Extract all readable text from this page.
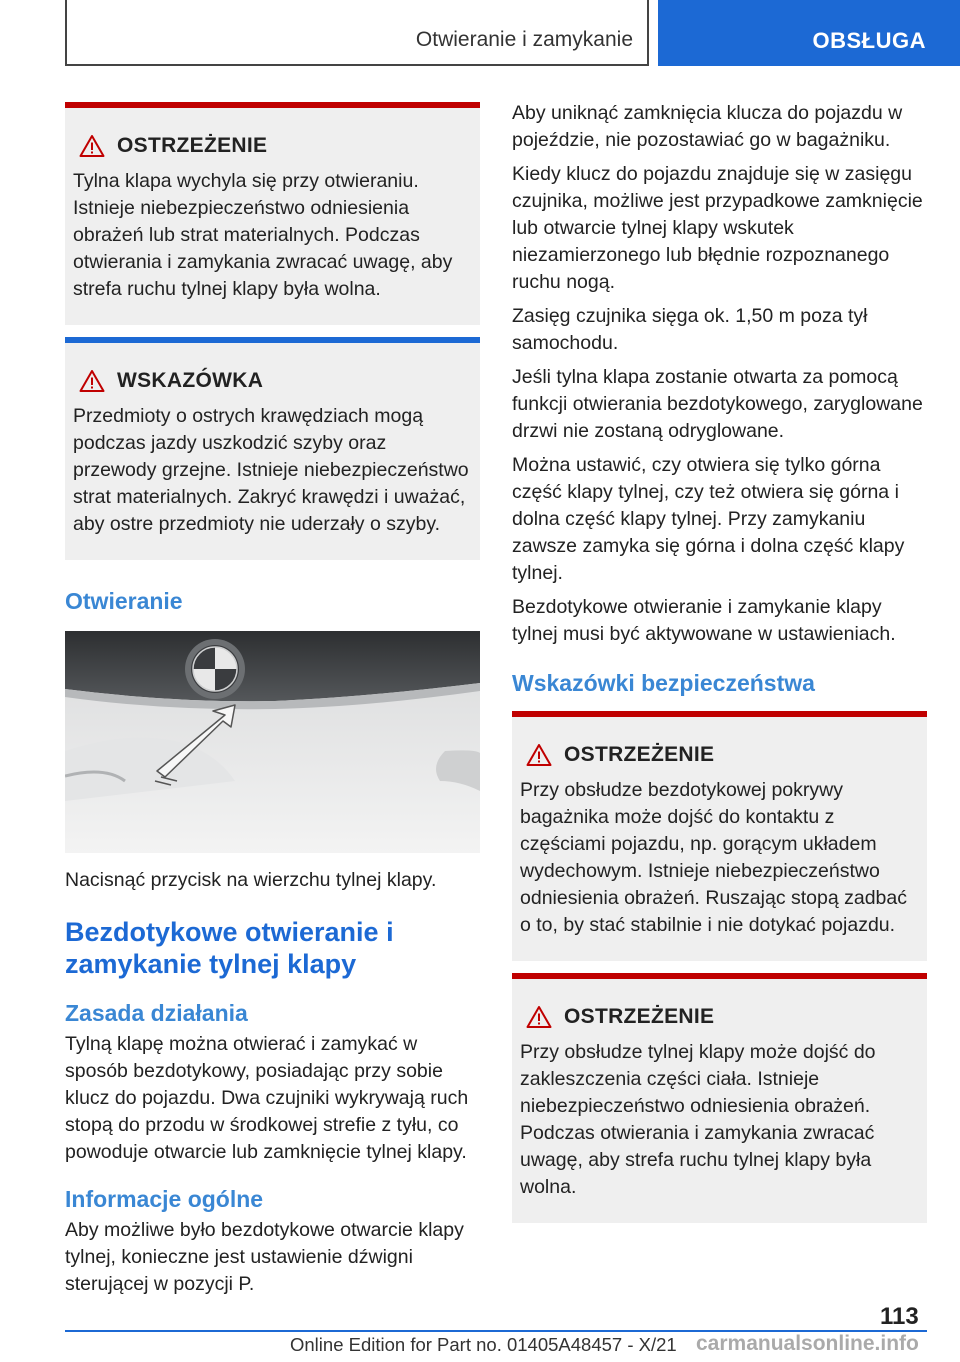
Otwieranie i zamykanie	OBSŁUGA
OSTRZEŻENIE
Tylna klapa wychyla się przy otwieraniu. Istnieje niebezpieczeństwo odniesienia obrażeń lub strat materialnych. Podczas otwierania i zamykania zwracać uwagę, aby strefa ruchu tylnej klapy była wolna.
WSKAZÓWKA
Przedmioty o ostrych krawędziach mogą podczas jazdy uszkodzić szyby oraz przewody grzejne. Istnieje niebezpieczeństwo strat materialnych. Zakryć krawędzi i uważać, aby ostre przedmioty nie uderzały o szyby.
Otwieranie
Nacisnąć przycisk na wierzchu tylnej klapy.
Bezdotykowe otwieranie i zamykanie tylnej klapy
Zasada działania
Tylną klapę można otwierać i zamykać w sposób bezdotykowy, posiadając przy sobie klucz do pojazdu. Dwa czujniki wykrywają ruch stopą do przodu w środkowej strefie z tyłu, co powoduje otwarcie lub zamknięcie tylnej klapy.
Informacje ogólne
Aby możliwe było bezdotykowe otwarcie klapy tylnej, konieczne jest ustawienie dźwigni sterującej w pozycji P.
Aby uniknąć zamknięcia klucza do pojazdu w pojeździe, nie pozostawiać go w bagażniku.
Kiedy klucz do pojazdu znajduje się w zasięgu czujnika, możliwe jest przypadkowe zamknięcie lub otwarcie tylnej klapy wskutek niezamierzonego lub błędnie rozpoznanego ruchu nogą.
Zasięg czujnika sięga ok. 1,50 m poza tył samochodu.
Jeśli tylna klapa zostanie otwarta za pomocą funkcji otwierania bezdotykowego, zaryglowane drzwi nie zostaną odryglowane.
Można ustawić, czy otwiera się tylko górna część klapy tylnej, czy też otwiera się górna i dolna część klapy tylnej. Przy zamykaniu zawsze zamyka się górna i dolna część klapy tylnej.
Bezdotykowe otwieranie i zamykanie klapy tylnej musi być aktywowane w ustawieniach.
Wskazówki bezpieczeństwa
OSTRZEŻENIE
Przy obsłudze bezdotykowej pokrywy bagażnika może dojść do kontaktu z częściami pojazdu, np. gorącym układem wydechowym. Istnieje niebezpieczeństwo odniesienia obrażeń. Ruszając stopą zadbać o to, by stać stabilnie i nie dotykać pojazdu.
OSTRZEŻENIE
Przy obsłudze tylnej klapy może dojść do zakleszczenia części ciała. Istnieje niebezpieczeństwo odniesienia obrażeń. Podczas otwierania i zamykania zwracać uwagę, aby strefa ruchu tylnej klapy była wolna.
113
Online Edition for Part no. 01405A48457 - X/21 carmanualsonline.info
